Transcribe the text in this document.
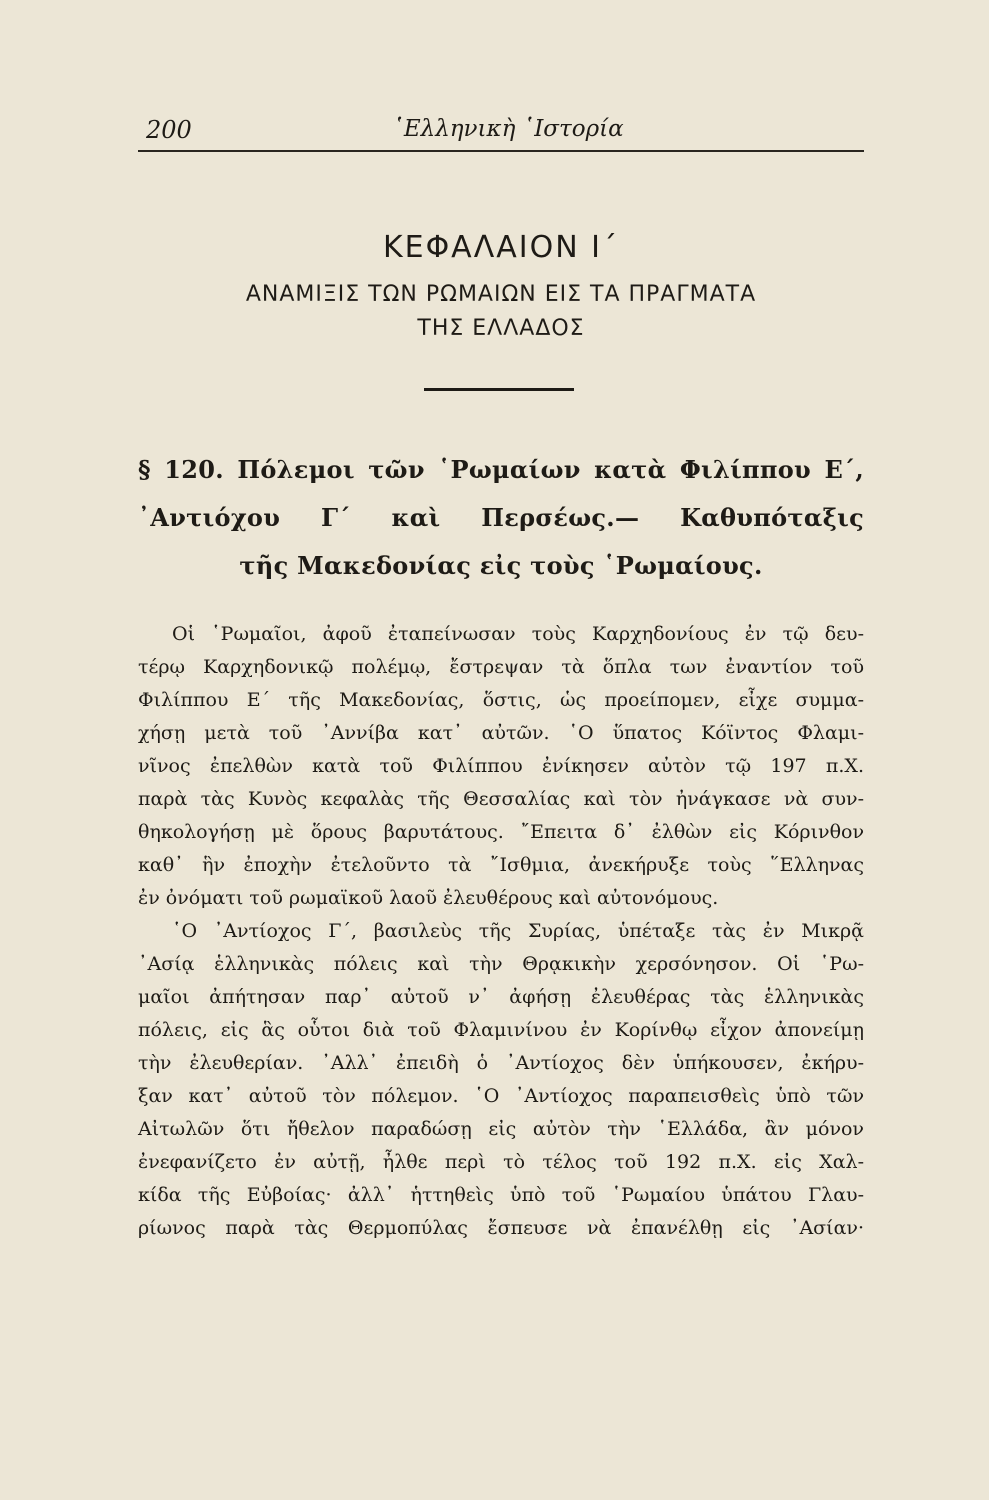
200	῾Ελληνικὴ ῾Ιστορία
ΚΕΦΑΛΑΙΟΝ Ι΄
ΑΝΑΜΙΞΙΣ ΤΩΝ ΡΩΜΑΙΩΝ ΕΙΣ ΤΑ ΠΡΑΓΜΑΤΑ
ΤΗΣ ΕΛΛΑΔΟΣ
§ 120. Πόλεμοι τῶν ῾Ρωμαίων κατὰ Φιλίππου Ε΄,
᾿Αντιόχου Γ΄ καὶ Περσέως.— Καθυπόταξις
τῆς Μακεδονίας εἰς τοὺς ῾Ρωμαίους.
Οἱ ῾Ρωμαῖοι, ἀφοῦ ἐταπείνωσαν τοὺς Καρχηδονίους ἐν τῷ δευ-
τέρῳ Καρχηδονικῷ πολέμῳ, ἔστρεψαν τὰ ὅπλα των ἐναντίον τοῦ
Φιλίππου Ε΄ τῆς Μακεδονίας, ὅστις, ὡς προείπομεν, εἶχε συμμα-
χήσῃ μετὰ τοῦ ᾿Αννίβα κατ᾿ αὐτῶν. ῾Ο ὕπατος Κόϊντος Φλαμι-
νῖνος ἐπελθὼν κατὰ τοῦ Φιλίππου ἐνίκησεν αὐτὸν τῷ 197 π.Χ.
παρὰ τὰς Κυνὸς κεφαλὰς τῆς Θεσσαλίας καὶ τὸν ἠνάγκασε νὰ συν-
θηκολογήσῃ μὲ ὅρους βαρυτάτους. ῎Επειτα δ᾿ ἐλθὼν εἰς Κόρινθον
καθ᾿ ἣν ἐποχὴν ἐτελοῦντο τὰ ῎Ισθμια, ἀνεκήρυξε τοὺς ῞Ελληνας
ἐν ὀνόματι τοῦ ρωμαϊκοῦ λαοῦ ἐλευθέρους καὶ αὐτονόμους.
῾Ο ᾿Αντίοχος Γ΄, βασιλεὺς τῆς Συρίας, ὑπέταξε τὰς ἐν Μικρᾷ
᾿Ασίᾳ ἑλληνικὰς πόλεις καὶ τὴν Θρᾳκικὴν χερσόνησον. Οἱ ῾Ρω-
μαῖοι ἀπήτησαν παρ᾿ αὐτοῦ ν᾿ ἀφήσῃ ἐλευθέρας τὰς ἑλληνικὰς
πόλεις, εἰς ἃς οὗτοι διὰ τοῦ Φλαμινίνου ἐν Κορίνθῳ εἶχον ἀπονείμῃ
τὴν ἐλευθερίαν. ᾿Αλλ᾿ ἐπειδὴ ὁ ᾿Αντίοχος δὲν ὑπήκουσεν, ἐκήρυ-
ξαν κατ᾿ αὐτοῦ τὸν πόλεμον. ῾Ο ᾿Αντίοχος παραπεισθεὶς ὑπὸ τῶν
Αἰτωλῶν ὅτι ἤθελον παραδώσῃ εἰς αὐτὸν τὴν ῾Ελλάδα, ἂν μόνον
ἐνεφανίζετο ἐν αὐτῇ, ἦλθε περὶ τὸ τέλος τοῦ 192 π.Χ. εἰς Χαλ-
κίδα τῆς Εὐβοίας· ἀλλ᾿ ἡττηθεὶς ὑπὸ τοῦ ῾Ρωμαίου ὑπάτου Γλαυ-
ρίωνος παρὰ τὰς Θερμοπύλας ἔσπευσε νὰ ἐπανέλθῃ εἰς ᾿Ασίαν·
